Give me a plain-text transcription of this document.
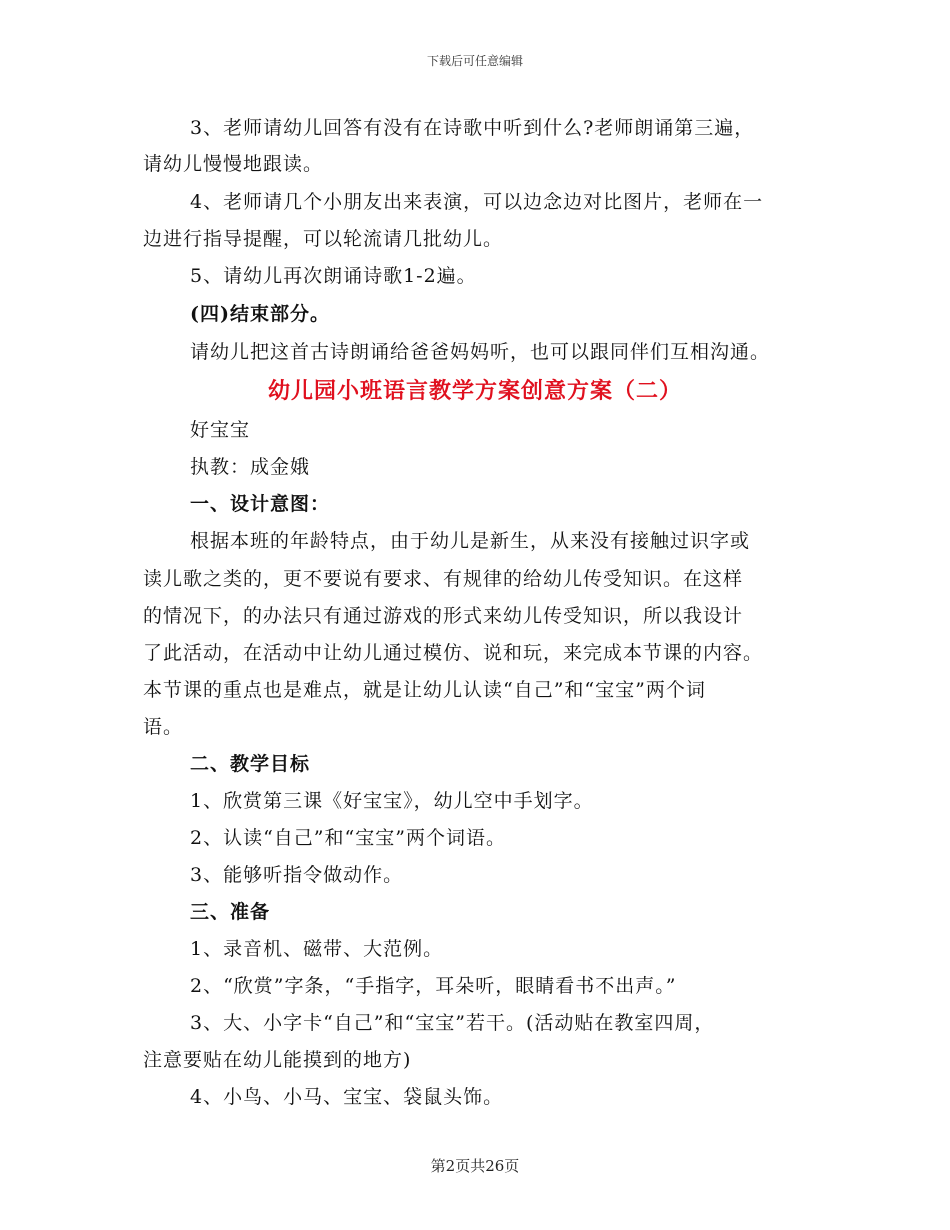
下载后可任意编辑
3、老师请幼儿回答有没有在诗歌中听到什么?老师朗诵第三遍，
请幼儿慢慢地跟读。
4、老师请几个小朋友出来表演，可以边念边对比图片，老师在一
边进行指导提醒，可以轮流请几批幼儿。
5、请幼儿再次朗诵诗歌1-2遍。
(四)结束部分。
请幼儿把这首古诗朗诵给爸爸妈妈听，也可以跟同伴们互相沟通。
幼儿园小班语言教学方案创意方案（二）
好宝宝
执教：成金娥
一、设计意图：
根据本班的年龄特点，由于幼儿是新生，从来没有接触过识字或
读儿歌之类的，更不要说有要求、有规律的给幼儿传受知识。在这样
的情况下，的办法只有通过游戏的形式来幼儿传受知识，所以我设计
了此活动，在活动中让幼儿通过模仿、说和玩，来完成本节课的内容。
本节课的重点也是难点，就是让幼儿认读“自己”和“宝宝”两个词
语。
二、教学目标
1、欣赏第三课《好宝宝》，幼儿空中手划字。
2、认读“自己”和“宝宝”两个词语。
3、能够听指令做动作。
三、准备
1、录音机、磁带、大范例。
2、“欣赏”字条，“手指字，耳朵听，眼睛看书不出声。”
3、大、小字卡“自己”和“宝宝”若干。(活动贴在教室四周，
注意要贴在幼儿能摸到的地方)
4、小鸟、小马、宝宝、袋鼠头饰。
第2页共26页
